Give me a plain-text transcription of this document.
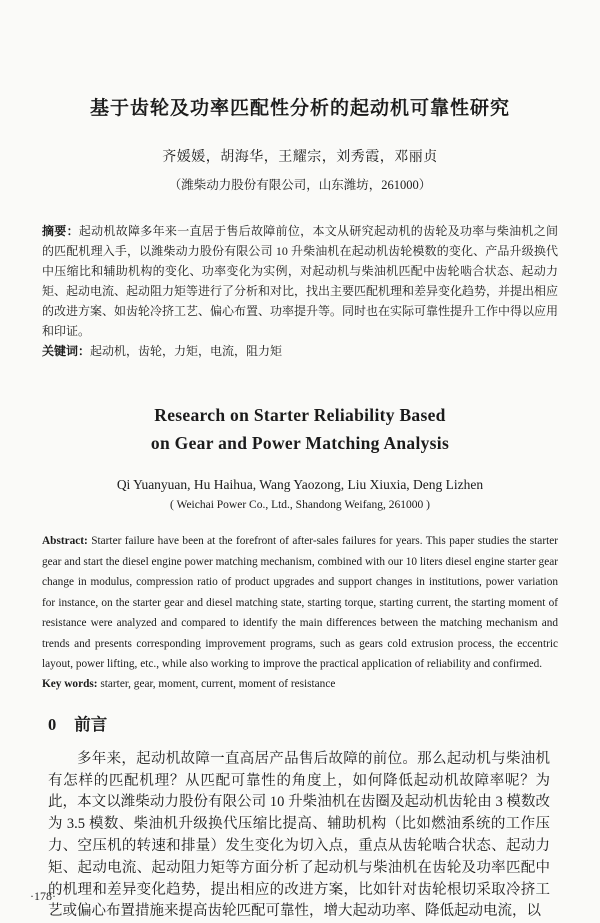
基于齿轮及功率匹配性分析的起动机可靠性研究
齐媛媛，胡海华，王耀宗，刘秀霞，邓丽贞
（潍柴动力股份有限公司，山东潍坊，261000）

摘要：起动机故障多年来一直居于售后故障前位，本文从研究起动机的齿轮及功率与柴油机之间的匹配机理入手，以潍柴动力股份有限公司 10 升柴油机在起动机齿轮模数的变化、产品升级换代中压缩比和辅助机构的变化、功率变化为实例，对起动机与柴油机匹配中齿轮啮合状态、起动力矩、起动电流、起动阻力矩等进行了分析和对比，找出主要匹配机理和差异变化趋势，并提出相应的改进方案、如齿轮冷挤工艺、偏心布置、功率提升等。同时也在实际可靠性提升工作中得以应用和印证。

关键词：起动机，齿轮，力矩，电流，阻力矩

Research on Starter Reliability Based
on Gear and Power Matching Analysis
Qi Yuanyuan, Hu Haihua, Wang Yaozong, Liu Xiuxia, Deng Lizhen
( Weichai Power Co., Ltd., Shandong Weifang, 261000 )

Abstract: Starter failure have been at the forefront of after-sales failures for years. This paper studies the starter gear and start the diesel engine power matching mechanism, combined with our 10 liters diesel engine starter gear change in modulus, compression ratio of product upgrades and support changes in institutions, power variation for instance, on the starter gear and diesel matching state, starting torque, starting current, the starting moment of resistance were analyzed and compared to identify the main differences between the matching mechanism and trends and presents corresponding improvement programs, such as gears cold extrusion process, the eccentric layout, power lifting, etc., while also working to improve the practical application of reliability and confirmed.

Key words: starter, gear, moment, current, moment of resistance

0 前言

多年来，起动机故障一直高居产品售后故障的前位。那么起动机与柴油机有怎样的匹配机理？从匹配可靠性的角度上，如何降低起动机故障率呢？为此，本文以潍柴动力股份有限公司 10 升柴油机在齿圈及起动机齿轮由 3 模数改为 3.5 模数、柴油机升级换代压缩比提高、辅助机构（比如燃油系统的工作压力、空压机的转速和排量）发生变化为切入点，重点从齿轮啮合状态、起动力矩、起动电流、起动阻力矩等方面分析了起动机与柴油机在齿轮及功率匹配中的机理和差异变化趋势，提出相应的改进方案，比如针对齿轮根切采取冷挤工艺或偏心布置措施来提高齿轮匹配可靠性，增大起动功率、降低起动电流，以

·178·
